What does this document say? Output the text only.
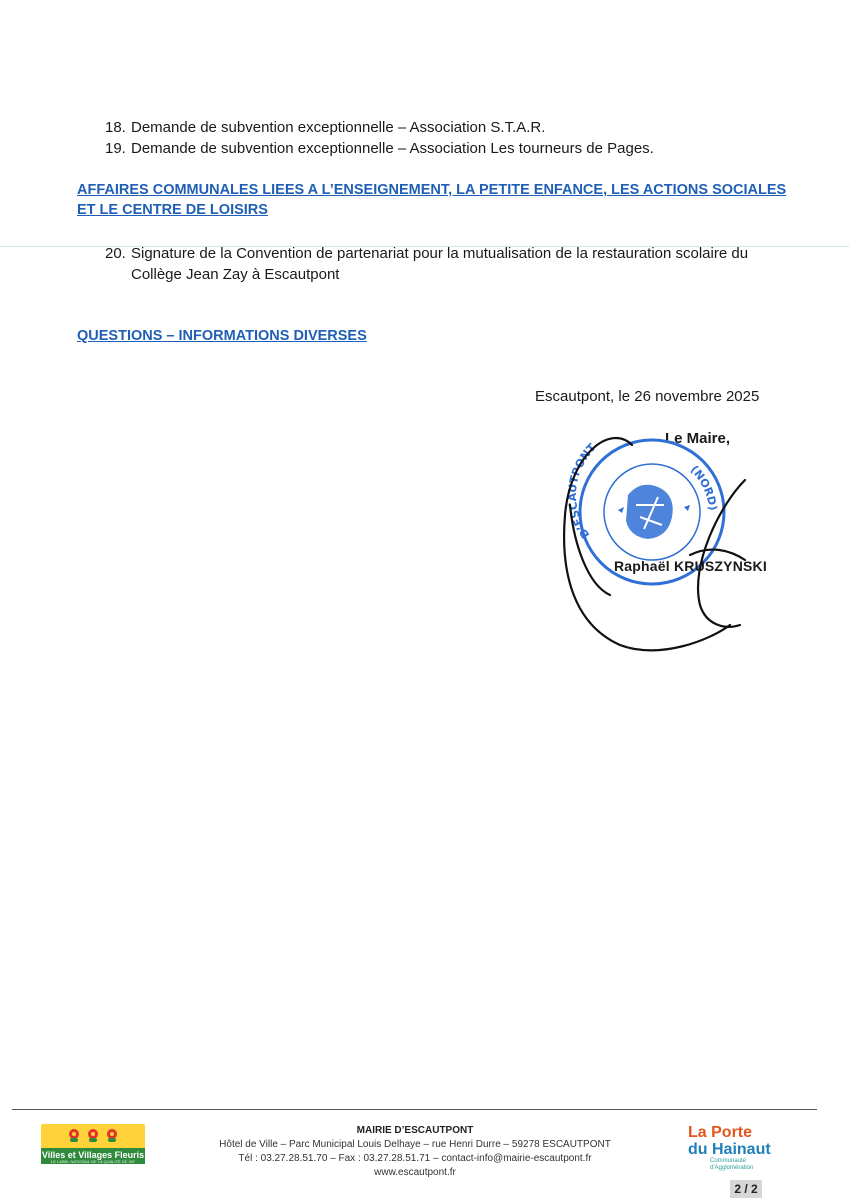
18. Demande de subvention exceptionnelle – Association S.T.A.R.
19. Demande de subvention exceptionnelle – Association Les tourneurs de Pages.
AFFAIRES COMMUNALES LIEES A L’ENSEIGNEMENT, LA PETITE ENFANCE, LES ACTIONS SOCIALES
ET LE CENTRE DE LOISIRS
20. Signature de la Convention de partenariat pour la mutualisation de la restauration scolaire du
Collège Jean Zay à Escautpont
QUESTIONS – INFORMATIONS DIVERSES
Escautpont, le 26 novembre 2025
Le Maire,
D’ESCAUTPONT
(NORD)
Raphaël KRUSZYNSKI
Villes et Villages Fleuris
LE LABEL NATIONAL DE LA QUALITÉ DE VIE
MAIRIE D’ESCAUTPONT
Hôtel de Ville – Parc Municipal Louis Delhaye – rue Henri Durre – 59278 ESCAUTPONT
Tél : 03.27.28.51.70 – Fax : 03.27.28.51.71 – contact-info@mairie-escautpont.fr
www.escautpont.fr
La Porte
du Hainaut
Communauté d’Agglomération
2 / 2
